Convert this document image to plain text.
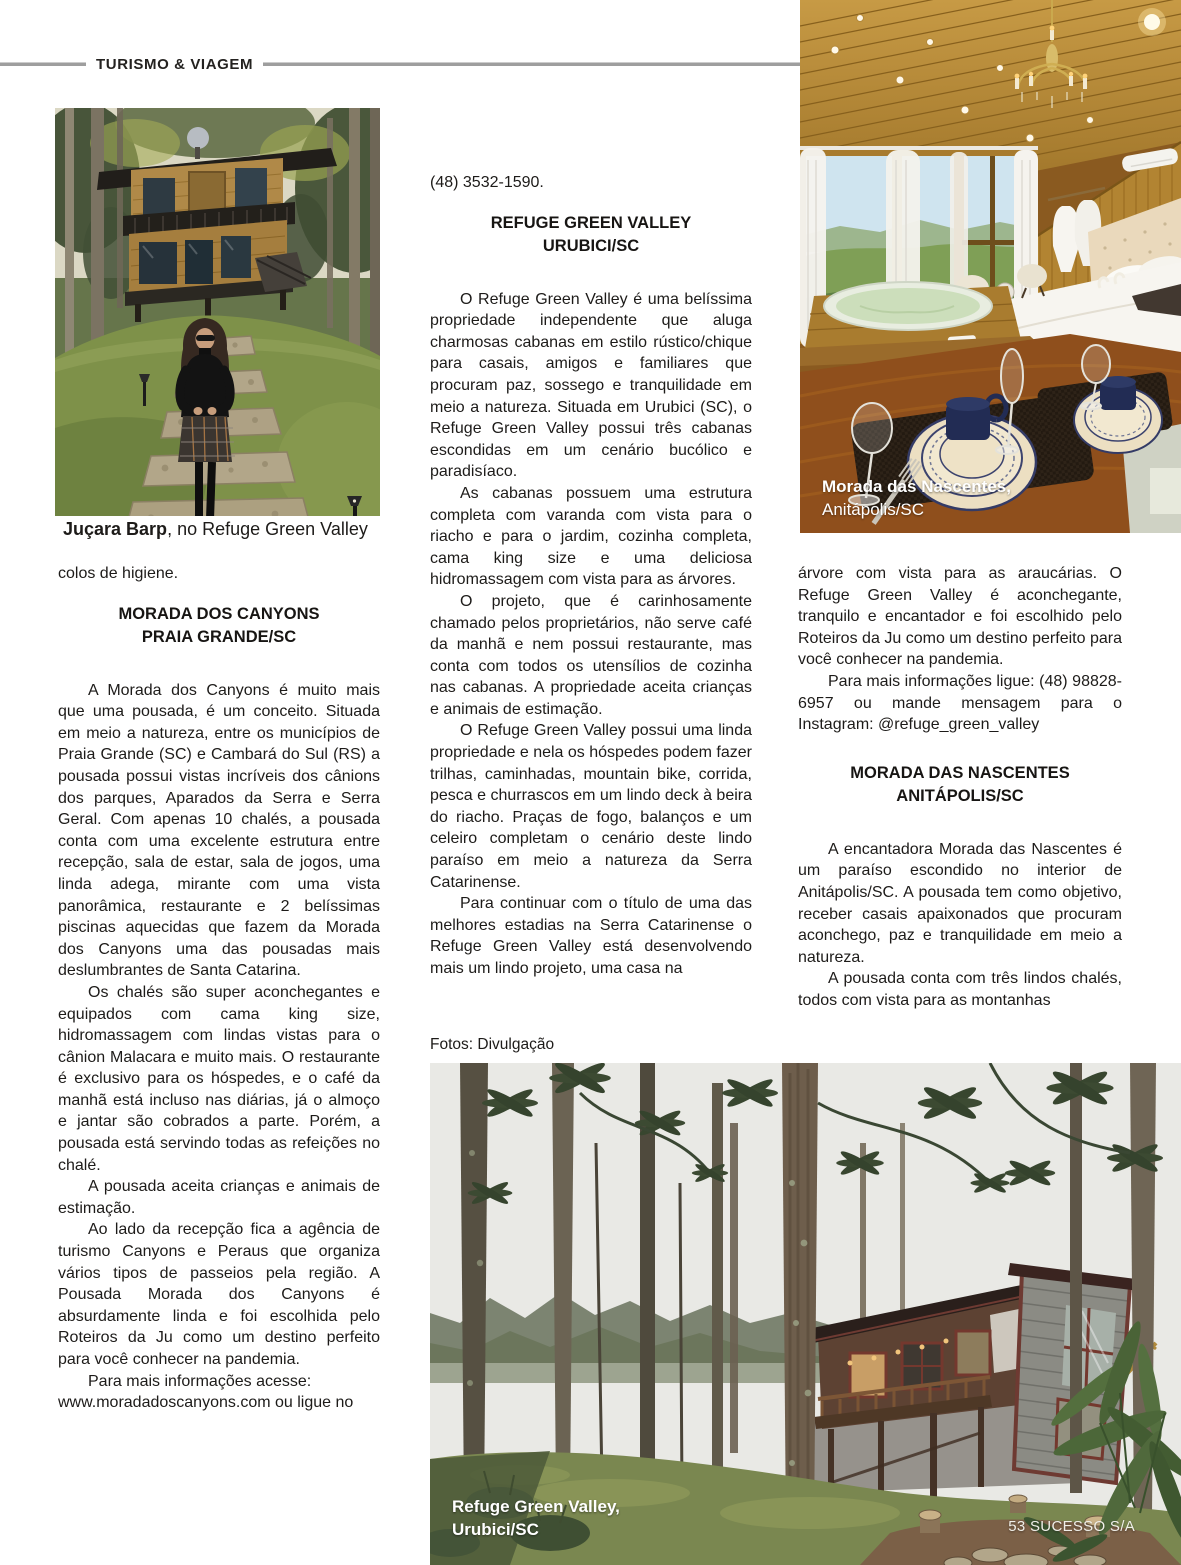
TURISMO & VIAGEM
Juçara Barp, no Refuge Green Valley
Morada das Nascentes,
Anitápolis/SC

colos de higiene.

MORADA DOS CANYONS
PRAIA GRANDE/SC

A Morada dos Canyons é muito mais que uma pousada, é um conceito. Situada em meio a natureza, entre os municípios de Praia Grande (SC) e Cambará do Sul (RS) a pousada possui vistas incríveis dos cânions dos parques, Aparados da Serra e Serra Geral. Com apenas 10 chalés, a pousada conta com uma excelente estrutura entre recepção, sala de estar, sala de jogos, uma linda adega, mirante com uma vista panorâmica, restaurante e 2 belíssimas piscinas aquecidas que fazem da Morada dos Canyons uma das pousadas mais deslumbrantes de Santa Catarina.

Os chalés são super aconchegantes e equipados com cama king size, hidromassagem com lindas vistas para o cânion Malacara e muito mais. O restaurante é exclusivo para os hóspedes, e o café da manhã está incluso nas diárias, já o almoço e jantar são cobrados a parte. Porém, a pousada está servindo todas as refeições no chalé.

A pousada aceita crianças e animais de estimação.

Ao lado da recepção fica a agência de turismo Canyons e Peraus que organiza vários tipos de passeios pela região. A Pousada Morada dos Canyons é absurdamente linda e foi escolhida pelo Roteiros da Ju como um destino perfeito para você conhecer na pandemia.

Para mais informações acesse:

www.moradadoscanyons.com ou ligue no

(48) 3532-1590.

REFUGE GREEN VALLEY
URUBICI/SC

O Refuge Green Valley é uma belíssima propriedade independente que aluga charmosas cabanas em estilo rústico/chique para casais, amigos e familiares que procuram paz, sossego e tranquilidade em meio a natureza. Situada em Urubici (SC), o Refuge Green Valley possui três cabanas escondidas em um cenário bucólico e paradisíaco.

As cabanas possuem uma estrutura completa com varanda com vista para o riacho e para o jardim, cozinha completa, cama king size e uma deliciosa hidromassagem com vista para as árvores.

O projeto, que é carinhosamente chamado pelos proprietários, não serve café da manhã e nem possui restaurante, mas conta com todos os utensílios de cozinha nas cabanas. A propriedade aceita crianças e animais de estimação.

O Refuge Green Valley possui uma linda propriedade e nela os hóspedes podem fazer trilhas, caminhadas, mountain bike, corrida, pesca e churrascos em um lindo deck à beira do riacho. Praças de fogo, balanços e um celeiro completam o cenário deste lindo paraíso em meio a natureza da Serra Catarinense.

Para continuar com o título de uma das melhores estadias na Serra Catarinense o Refuge Green Valley está desenvolvendo mais um lindo projeto, uma casa na

árvore com vista para as araucárias. O Refuge Green Valley é aconchegante, tranquilo e encantador e foi escolhido pelo Roteiros da Ju como um destino perfeito para você conhecer na pandemia.

Para mais informações ligue: (48) 98828-6957 ou mande mensagem para o Instagram: @refuge_green_valley

MORADA DAS NASCENTES
ANITÁPOLIS/SC

A encantadora Morada das Nascentes é um paraíso escondido no interior de Anitápolis/SC. A pousada tem como objetivo, receber casais apaixonados que procuram aconchego, paz e tranquilidade em meio a natureza.

A pousada conta com três lindos chalés, todos com vista para as montanhas

Fotos: Divulgação
Refuge Green Valley,
Urubici/SC	53 SUCESSO S/A
